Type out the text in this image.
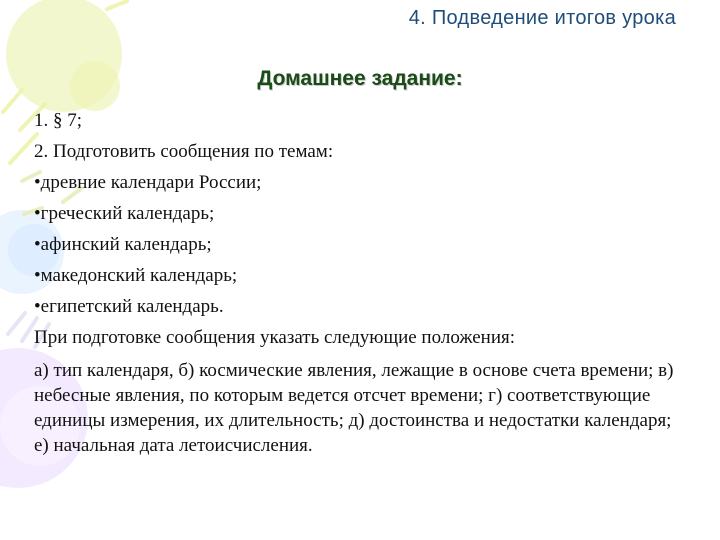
4. Подведение итогов урока
Домашнее задание:
1. § 7;
2. Подготовить сообщения по темам:
•древние календари России;
•греческий календарь;
•афинский календарь;
•македонский календарь;
•египетский календарь.
При подготовке сообщения указать следующие положения:

а) тип календаря, б) космические явления, лежащие в основе счета времени; в) небесные явления, по которым ведется отсчет времени; г) соответствующие единицы измерения, их длительность; д) достоинства и недостатки календаря; е) начальная дата летоисчисления.
